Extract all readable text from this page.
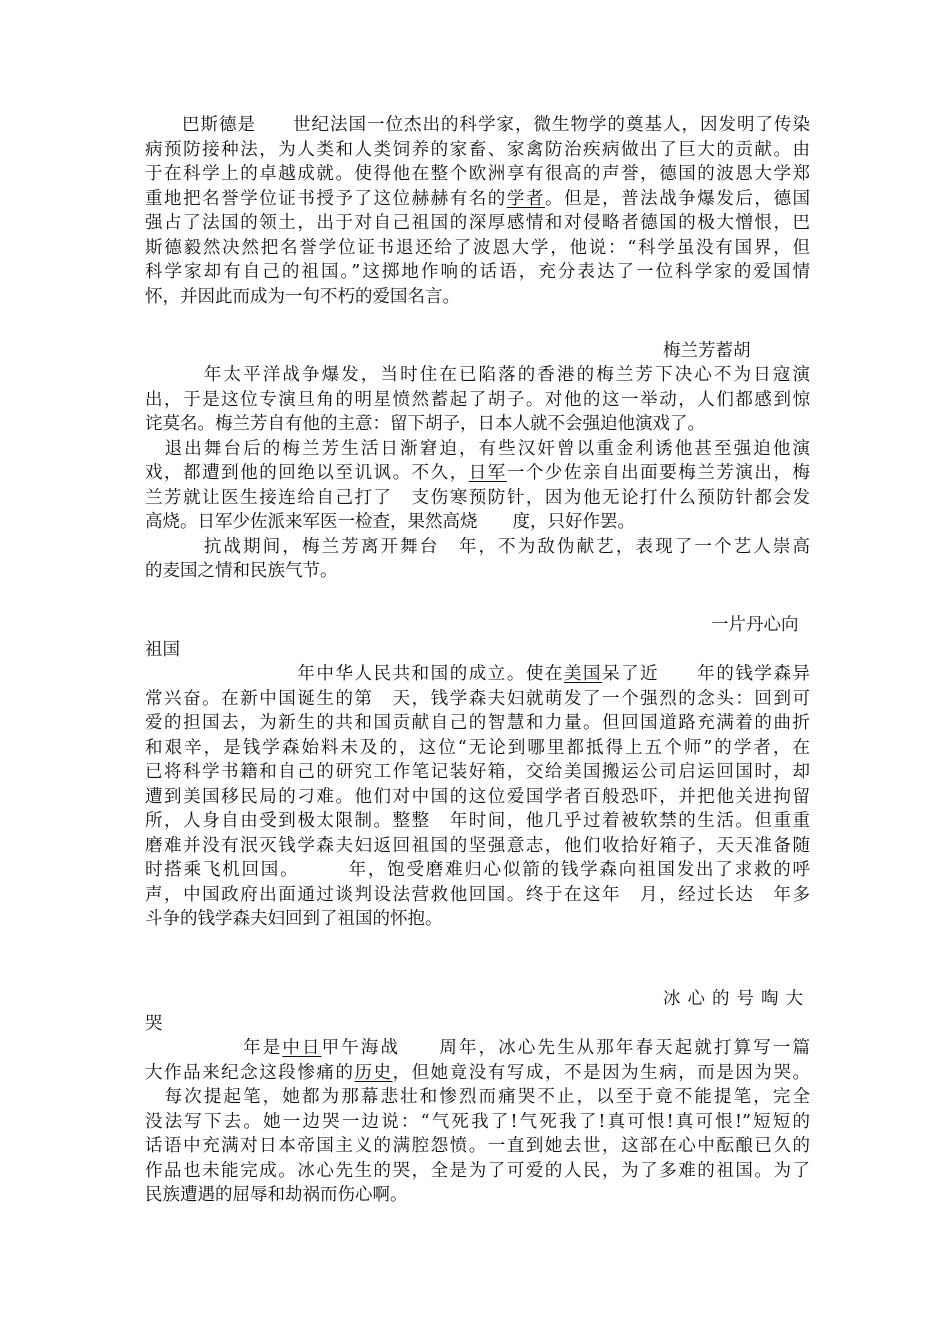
　　巴斯德是　　世纪法国一位杰出的科学家，微生物学的奠基人，因发明了传染
病预防接种法，为人类和人类饲养的家畜、家禽防治疾病做出了巨大的贡献。由
于在科学上的卓越成就。使得他在整个欧洲享有很高的声誉，德国的波恩大学郑
重地把名誉学位证书授予了这位赫赫有名的学者。但是，普法战争爆发后，德国
强占了法国的领土，出于对自己祖国的深厚感情和对侵略者德国的极大憎恨，巴
斯德毅然决然把名誉学位证书退还给了波恩大学，他说：“科学虽没有国界，但
科学家却有自己的祖国。”这掷地作响的话语，充分表达了一位科学家的爱国情
怀，并因此而成为一句不朽的爱国名言。
梅兰芳蓄胡
　　　年太平洋战争爆发，当时住在已陷落的香港的梅兰芳下决心不为日寇演
出，于是这位专演旦角的明星愤然蓄起了胡子。对他的这一举动，人们都感到惊
诧莫名。梅兰芳自有他的主意：留下胡子，日本人就不会强迫他演戏了。
　退出舞台后的梅兰芳生活日渐窘迫，有些汉奸曾以重金利诱他甚至强迫他演
戏，都遭到他的回绝以至讥讽。不久，日军一个少佐亲自出面要梅兰芳演出，梅
兰芳就让医生接连给自己打了　支伤寒预防针，因为他无论打什么预防针都会发
高烧。日军少佐派来军医一检查，果然高烧　　度，只好作罢。
　　　抗战期间，梅兰芳离开舞台　年，不为敌伪献艺，表现了一个艺人崇高
的麦国之情和民族气节。
一片丹心向
祖国
　　　　　　　　年中华人民共和国的成立。使在美国呆了近　　年的钱学森异
常兴奋。在新中国诞生的第　天，钱学森夫妇就萌发了一个强烈的念头：回到可
爱的担国去，为新生的共和国贡献自己的智慧和力量。但回国道路充满着的曲折
和艰辛，是钱学森始料未及的，这位“无论到哪里都抵得上五个师”的学者，在
已将科学书籍和自己的研究工作笔记装好箱，交给美国搬运公司启运回国时，却
遭到美国移民局的刁难。他们对中国的这位爱国学者百般恐吓，并把他关进拘留
所，人身自由受到极太限制。整整　年时间，他几乎过着被软禁的生活。但重重
磨难并没有泯灭钱学森夫妇返回祖国的坚强意志，他们收拾好箱子，天天准备随
时搭乘飞机回国。　　　年，饱受磨难归心似箭的钱学森向祖国发出了求救的呼
声，中国政府出面通过谈判设法营救他回国。终于在这年　月，经过长达　年多
斗争的钱学森夫妇回到了祖国的怀抱。
冰心的号啕大
哭
　　　　　年是中日甲午海战　　周年，冰心先生从那年春天起就打算写一篇
大作品来纪念这段惨痛的历史，但她竟没有写成，不是因为生病，而是因为哭。
　每次提起笔，她都为那幕悲壮和惨烈而痛哭不止，以至于竟不能提笔，完全
没法写下去。她一边哭一边说：“气死我了!气死我了!真可恨!真可恨!”短短的
话语中充满对日本帝国主义的满腔怨愤。一直到她去世，这部在心中酝酿已久的
作品也未能完成。冰心先生的哭，全是为了可爱的人民，为了多难的祖国。为了
民族遭遇的屈辱和劫祸而伤心啊。
